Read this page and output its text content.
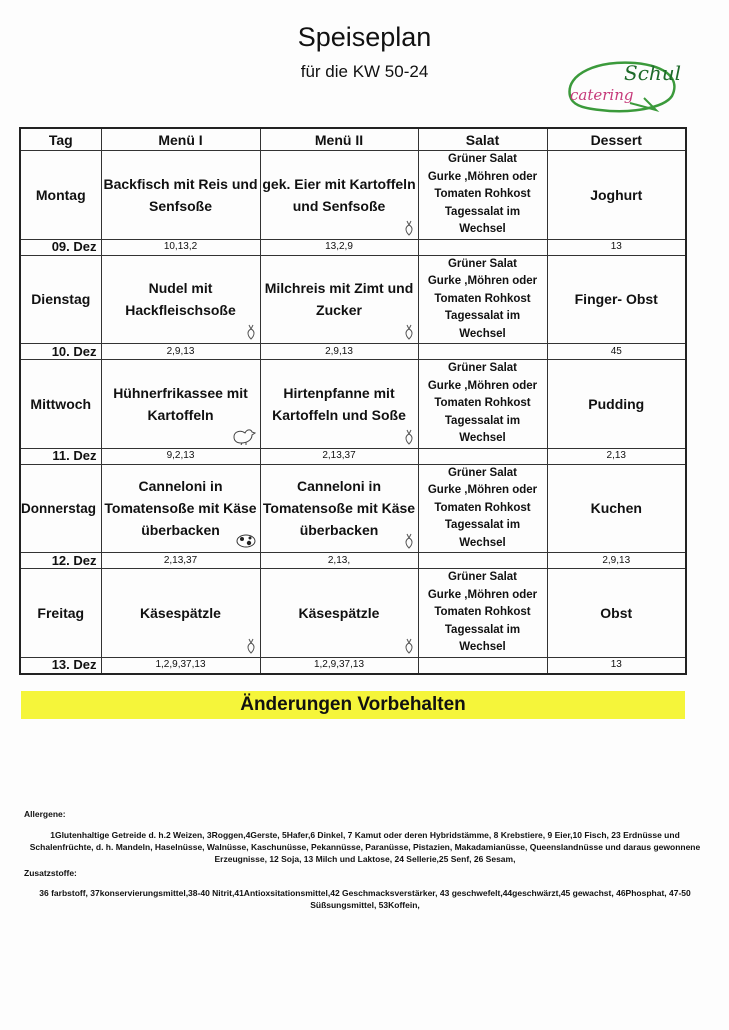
Speiseplan
für die KW 50-24	Schul
catering
Tag	Menü I	Menü II	Salat	Dessert
Montag	Backfisch mit Reis und Senfsoße	gek. Eier mit Kartoffeln und Senfsoße	Grüner Salat
Gurke ,Möhren oder
Tomaten Rohkost
Tagessalat im
Wechsel	Joghurt
09. Dez	10,13,2	13,2,9		13
Dienstag	Nudel mit Hackfleischsoße	Milchreis mit Zimt und Zucker	Grüner Salat
Gurke ,Möhren oder
Tomaten Rohkost
Tagessalat im
Wechsel	Finger- Obst
10. Dez	2,9,13	2,9,13		45
Mittwoch	Hühnerfrikassee mit Kartoffeln	Hirtenpfanne mit Kartoffeln und Soße	Grüner Salat
Gurke ,Möhren oder
Tomaten Rohkost
Tagessalat im
Wechsel	Pudding
11. Dez	9,2,13	2,13,37		2,13
Donnerstag	Canneloni in Tomatensoße mit Käse überbacken	Canneloni in Tomatensoße mit Käse überbacken	Grüner Salat
Gurke ,Möhren oder
Tomaten Rohkost
Tagessalat im
Wechsel	Kuchen
12. Dez	2,13,37	2,13,		2,9,13
Freitag	Käsespätzle	Käsespätzle	Grüner Salat
Gurke ,Möhren oder
Tomaten Rohkost
Tagessalat im
Wechsel	Obst
13. Dez	1,2,9,37,13	1,2,9,37,13		13
Änderungen Vorbehalten
Allergene:
1Glutenhaltige Getreide d. h.2 Weizen, 3Roggen,4Gerste, 5Hafer,6 Dinkel, 7 Kamut oder deren Hybridstämme, 8 Krebstiere, 9 Eier,10 Fisch, 23 Erdnüsse und Schalenfrüchte, d. h. Mandeln, Haselnüsse, Walnüsse, Kaschunüsse, Pekannüsse, Paranüsse, Pistazien, Makadamianüsse, Queenslandnüsse und daraus gewonnene Erzeugnisse, 12 Soja, 13 Milch und Laktose, 24 Sellerie,25 Senf, 26 Sesam,
Zusatzstoffe:
36 farbstoff, 37konservierungsmittel,38-40 Nitrit,41Antioxsitationsmittel,42 Geschmacksverstärker, 43 geschwefelt,44geschwärzt,45 gewachst, 46Phosphat, 47-50 Süßsungsmittel, 53Koffein,
